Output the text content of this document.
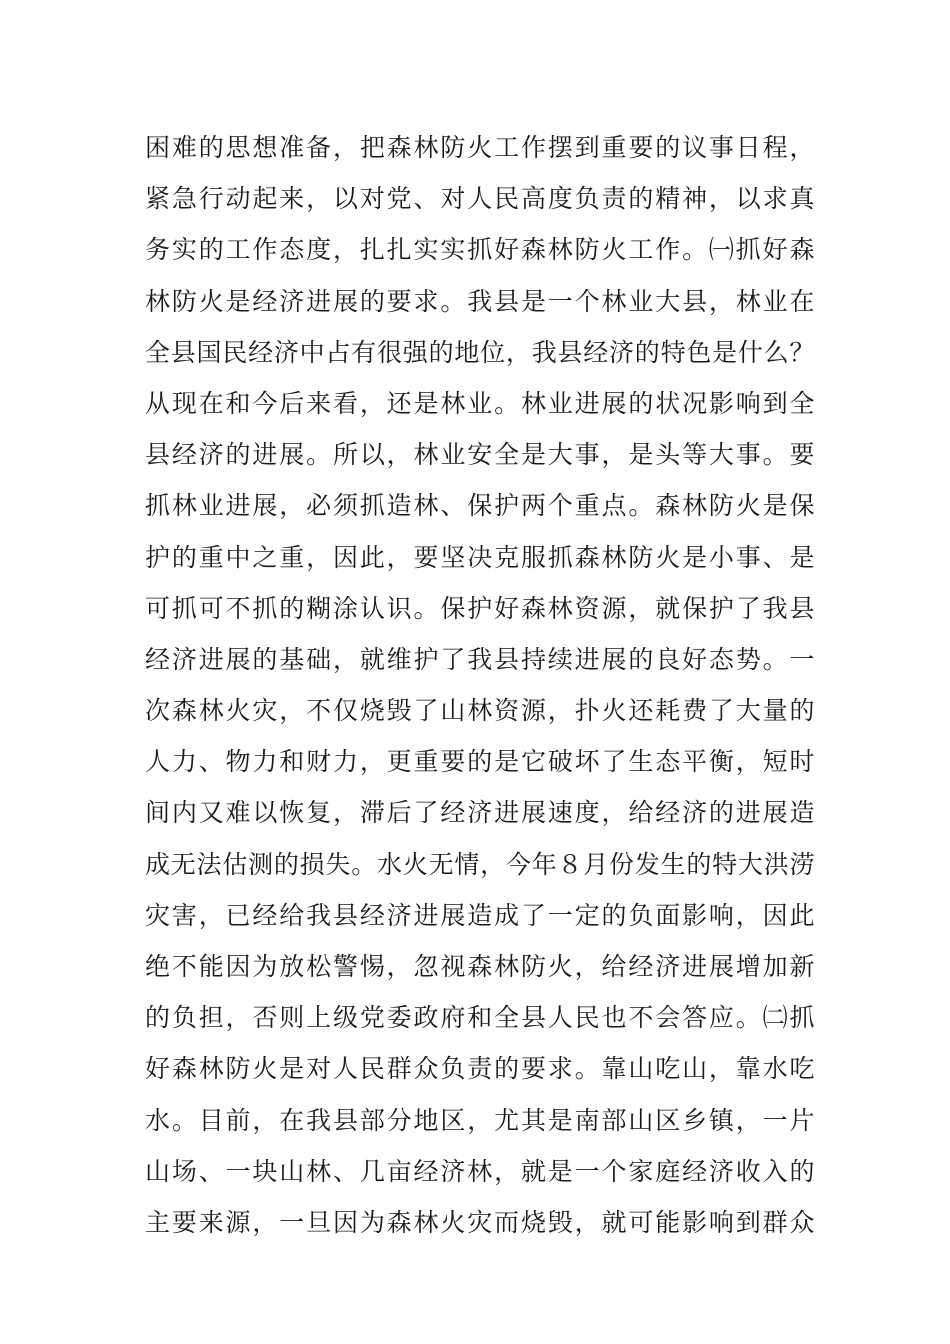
困难的思想准备，把森林防火工作摆到重要的议事日程，
紧急行动起来，以对党、对人民高度负责的精神，以求真
务实的工作态度，扎扎实实抓好森林防火工作。㈠抓好森
林防火是经济进展的要求。我县是一个林业大县，林业在
全县国民经济中占有很强的地位，我县经济的特色是什么？
从现在和今后来看，还是林业。林业进展的状况影响到全
县经济的进展。所以，林业安全是大事，是头等大事。要
抓林业进展，必须抓造林、保护两个重点。森林防火是保
护的重中之重，因此，要坚决克服抓森林防火是小事、是
可抓可不抓的糊涂认识。保护好森林资源，就保护了我县
经济进展的基础，就维护了我县持续进展的良好态势。一
次森林火灾，不仅烧毁了山林资源，扑火还耗费了大量的
人力、物力和财力，更重要的是它破坏了生态平衡，短时
间内又难以恢复，滞后了经济进展速度，给经济的进展造
成无法估测的损失。水火无情，今年８月份发生的特大洪涝
灾害，已经给我县经济进展造成了一定的负面影响，因此
绝不能因为放松警惕，忽视森林防火，给经济进展增加新
的负担，否则上级党委政府和全县人民也不会答应。㈡抓
好森林防火是对人民群众负责的要求。靠山吃山，靠水吃
水。目前，在我县部分地区，尤其是南部山区乡镇，一片
山场、一块山林、几亩经济林，就是一个家庭经济收入的
主要来源，一旦因为森林火灾而烧毁，就可能影响到群众
